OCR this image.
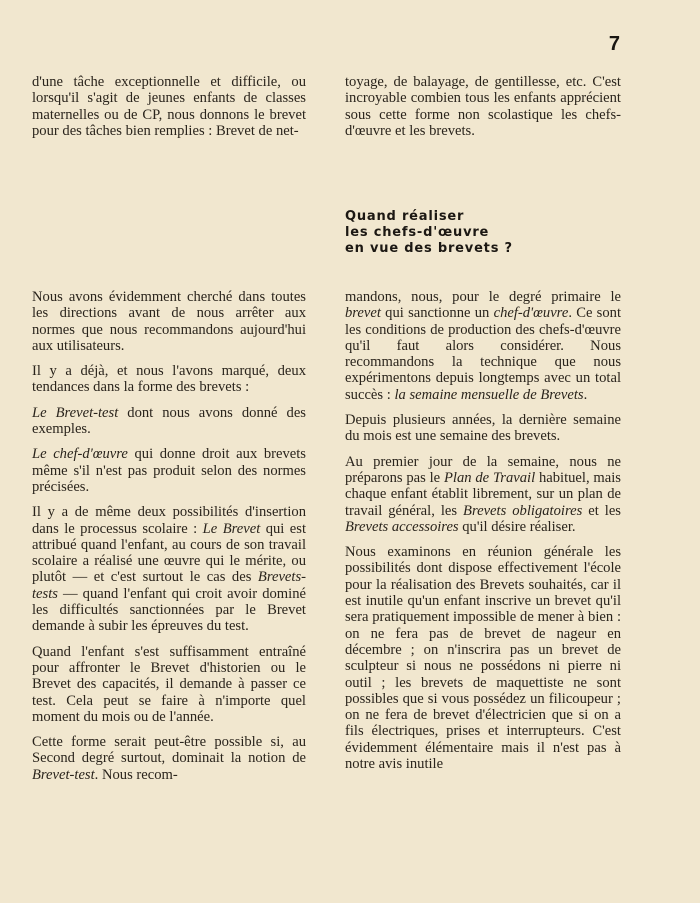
7

d'une tâche exceptionnelle et difficile, ou lorsqu'il s'agit de jeunes enfants de classes maternelles ou de CP, nous donnons le brevet pour des tâches bien remplies : Brevet de net-

toyage, de balayage, de gentillesse, etc. C'est incroyable combien tous les enfants apprécient sous cette forme non scolastique les chefs-d'œuvre et les brevets.

Quand réaliser
les chefs-d'œuvre
en vue des brevets ?

Nous avons évidemment cherché dans toutes les directions avant de nous arrêter aux normes que nous recommandons aujourd'hui aux utilisateurs.

Il y a déjà, et nous l'avons marqué, deux tendances dans la forme des brevets :

Le Brevet-test dont nous avons donné des exemples.

Le chef-d'œuvre qui donne droit aux brevets même s'il n'est pas produit selon des normes précisées.

Il y a de même deux possibilités d'insertion dans le processus scolaire : Le Brevet qui est attribué quand l'enfant, au cours de son travail scolaire a réalisé une œuvre qui le mérite, ou plutôt — et c'est surtout le cas des Brevets-tests — quand l'enfant qui croit avoir dominé les difficultés sanctionnées par le Brevet demande à subir les épreuves du test.

Quand l'enfant s'est suffisamment entraîné pour affronter le Brevet d'historien ou le Brevet des capacités, il demande à passer ce test. Cela peut se faire à n'importe quel moment du mois ou de l'année.

Cette forme serait peut-être possible si, au Second degré surtout, dominait la notion de Brevet-test. Nous recom-

mandons, nous, pour le degré primaire le brevet qui sanctionne un chef-d'œuvre. Ce sont les conditions de production des chefs-d'œuvre qu'il faut alors considérer. Nous recommandons la technique que nous expérimentons depuis longtemps avec un total succès : la semaine mensuelle de Brevets.

Depuis plusieurs années, la dernière semaine du mois est une semaine des brevets.

Au premier jour de la semaine, nous ne préparons pas le Plan de Travail habituel, mais chaque enfant établit librement, sur un plan de travail général, les Brevets obligatoires et les Brevets accessoires qu'il désire réaliser.

Nous examinons en réunion générale les possibilités dont dispose effectivement l'école pour la réalisation des Brevets souhaités, car il est inutile qu'un enfant inscrive un brevet qu'il sera pratiquement impossible de mener à bien : on ne fera pas de brevet de nageur en décembre ; on n'inscrira pas un brevet de sculpteur si nous ne possédons ni pierre ni outil ; les brevets de maquettiste ne sont possibles que si vous possédez un filicoupeur ; on ne fera de brevet d'électricien que si on a fils électriques, prises et interrupteurs. C'est évidemment élémentaire mais il n'est pas à notre avis inutile
